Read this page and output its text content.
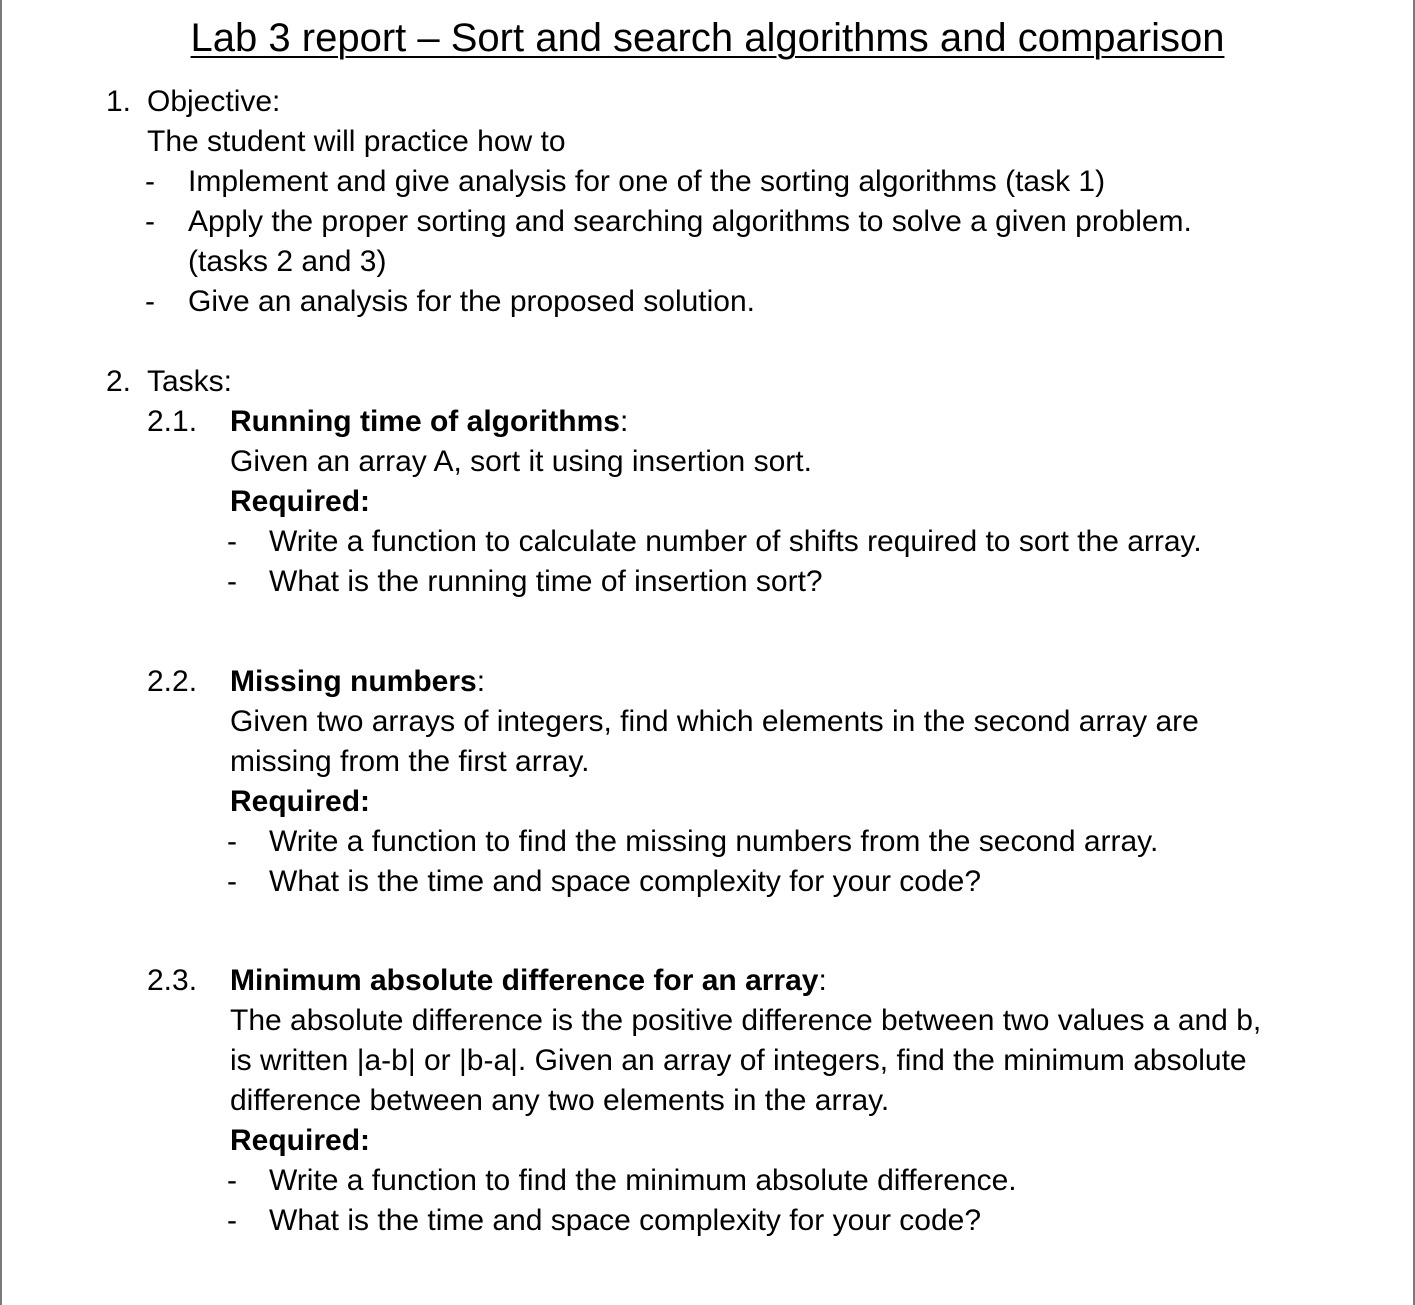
Lab 3 report – Sort and search algorithms and comparison
1. Objective:
The student will practice how to
- Implement and give analysis for one of the sorting algorithms (task 1)
- Apply the proper sorting and searching algorithms to solve a given problem.
(tasks 2 and 3)
- Give an analysis for the proposed solution.
2. Tasks:
2.1. Running time of algorithms:
Given an array A, sort it using insertion sort.
Required:
- Write a function to calculate number of shifts required to sort the array.
- What is the running time of insertion sort?
2.2. Missing numbers:
Given two arrays of integers, find which elements in the second array are
missing from the first array.
Required:
- Write a function to find the missing numbers from the second array.
- What is the time and space complexity for your code?
2.3. Minimum absolute difference for an array:
The absolute difference is the positive difference between two values a and b,
is written |a-b| or |b-a|. Given an array of integers, find the minimum absolute
difference between any two elements in the array.
Required:
- Write a function to find the minimum absolute difference.
- What is the time and space complexity for your code?
